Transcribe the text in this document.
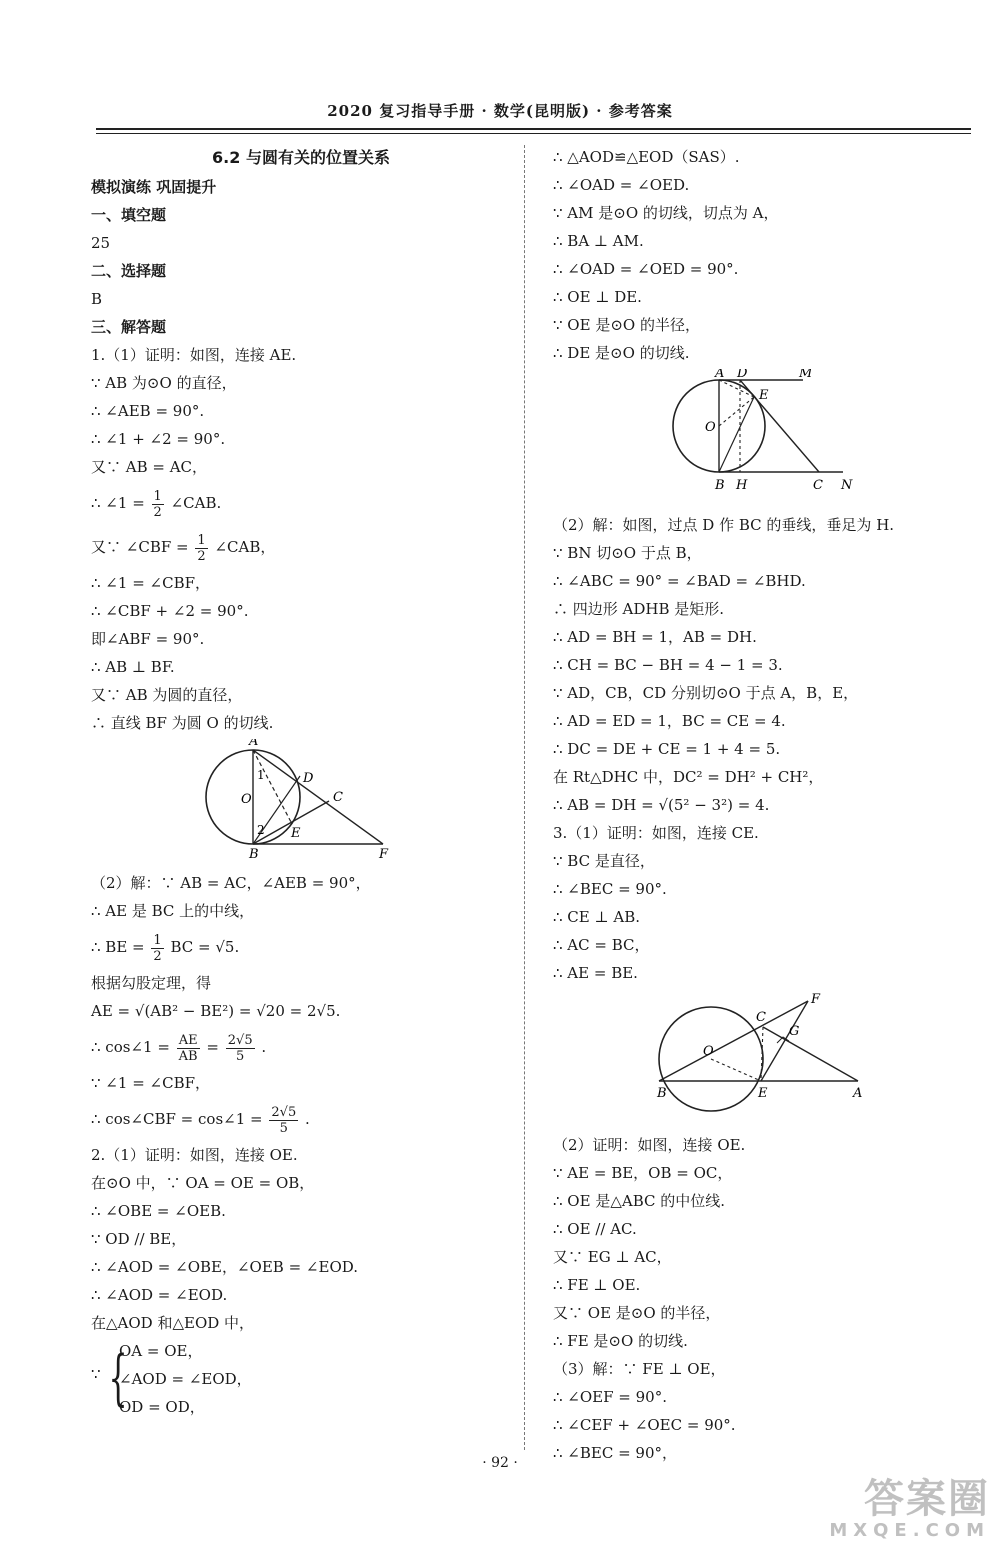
2020 复习指导手册 · 数学(昆明版) · 参考答案
6.2 与圆有关的位置关系
模拟演练 巩固提升
一、填空题
25
二、选择题
B
三、解答题
1.（1）证明：如图，连接 AE.
∵ AB 为⊙O 的直径，
∴ ∠AEB = 90°.
∴ ∠1 + ∠2 = 90°.
又∵ AB = AC，
∴ ∠1 = $\frac{1}{2}$ ∠CAB.
又∵ ∠CBF = $\frac{1}{2}$ ∠CAB，
∴ ∠1 = ∠CBF，
∴ ∠CBF + ∠2 = 90°.
即∠ABF = 90°.
∴ AB ⊥ BF.
又∵ AB 为圆的直径，
∴ 直线 BF 为圆 O 的切线.
A
O
1
2
D
C
E
B	F
（2）解：∵ AB = AC，∠AEB = 90°，
∴ AE 是 BC 上的中线，
∴ BE = $\frac{1}{2}$ BC = √5.
根据勾股定理，得
AE = √(AB² − BE²) = √20 = 2√5.
∴ cos∠1 = $\frac{AE}{AB} = \frac{2√5}{5}$ .
∵ ∠1 = ∠CBF，
∴ cos∠CBF = cos∠1 = $\frac{2√5}{5}$ .
2.（1）证明：如图，连接 OE.
在⊙O 中，∵ OA = OE = OB，
∴ ∠OBE = ∠OEB.
∵ OD // BE，
∴ ∠AOD = ∠OBE，∠OEB = ∠EOD.
∴ ∠AOD = ∠EOD.
在△AOD 和△EOD 中，
∵ {
OA = OE，
∠AOD = ∠EOD，
OD = OD，
∴ △AOD≌△EOD（SAS）.
∴ ∠OAD = ∠OED.
∵ AM 是⊙O 的切线，切点为 A，
∴ BA ⊥ AM.
∴ ∠OAD = ∠OED = 90°.
∴ OE ⊥ DE.
∵ OE 是⊙O 的半径，
∴ DE 是⊙O 的切线.
A D	M
E
O
B H	C N
（2）解：如图，过点 D 作 BC 的垂线，垂足为 H.
∵ BN 切⊙O 于点 B，
∴ ∠ABC = 90° = ∠BAD = ∠BHD.
∴ 四边形 ADHB 是矩形.
∴ AD = BH = 1，AB = DH.
∴ CH = BC − BH = 4 − 1 = 3.
∵ AD，CB，CD 分别切⊙O 于点 A，B，E，
∴ AD = ED = 1，BC = CE = 4.
∴ DC = DE + CE = 1 + 4 = 5.
在 Rt△DHC 中，DC² = DH² + CH²，
∴ AB = DH = √(5² − 3²) = 4.
3.（1）证明：如图，连接 CE.
∵ BC 是直径，
∴ ∠BEC = 90°.
∴ CE ⊥ AB.
∴ AC = BC，
∴ AE = BE.
F
C
G
O
B	E	A
（2）证明：如图，连接 OE.
∵ AE = BE，OB = OC，
∴ OE 是△ABC 的中位线.
∴ OE // AC.
又∵ EG ⊥ AC，
∴ FE ⊥ OE.
又∵ OE 是⊙O 的半径，
∴ FE 是⊙O 的切线.
（3）解：∵ FE ⊥ OE，
∴ ∠OEF = 90°.
∴ ∠CEF + ∠OEC = 90°.
∴ ∠BEC = 90°，
· 92 ·
答案圈
MXQE.COM
